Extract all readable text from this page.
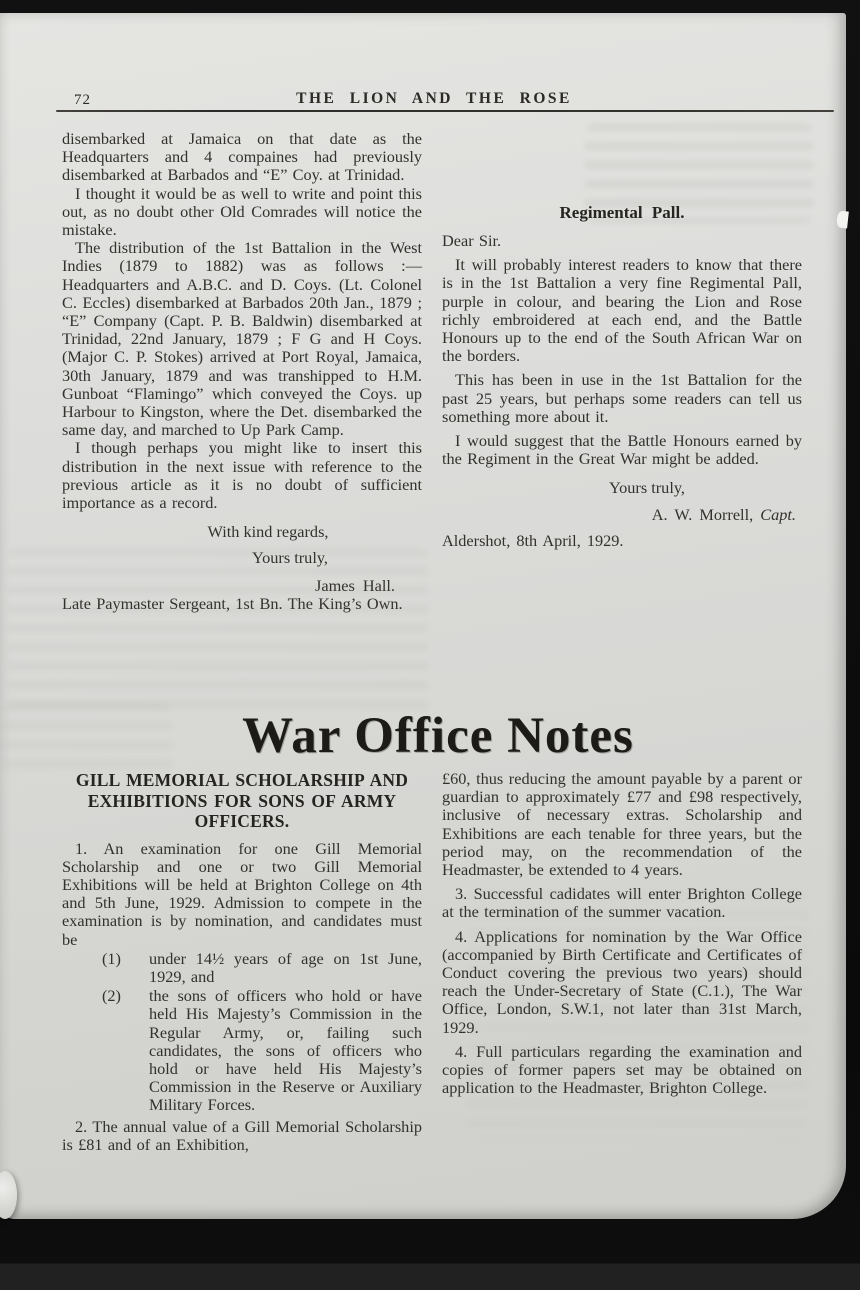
72	THE LION AND THE ROSE

disembarked at Jamaica on that date as the Headquarters and 4 compaines had previously disembarked at Barbados and “E” Coy. at Trinidad.

I thought it would be as well to write and point this out, as no doubt other Old Comrades will notice the mistake.

The distribution of the 1st Battalion in the West Indies (1879 to 1882) was as follows :— Headquarters and A.B.C. and D. Coys. (Lt. Colonel C. Eccles) disembarked at Barbados 20th Jan., 1879 ; “E” Company (Capt. P. B. Baldwin) disembarked at Trinidad, 22nd January, 1879 ; F G and H Coys. (Major C. P. Stokes) arrived at Port Royal, Jamaica, 30th January, 1879 and was transhipped to H.M. Gunboat “Flamingo” which conveyed the Coys. up Harbour to Kingston, where the Det. disembarked the same day, and marched to Up Park Camp.

I though perhaps you might like to insert this distribution in the next issue with reference to the previous article as it is no doubt of sufficient importance as a record.

With kind regards,
Yours truly,
James Hall.

Late Paymaster Sergeant, 1st Bn. The King’s Own.

Regimental Pall.

Dear Sir.

It will probably interest readers to know that there is in the 1st Battalion a very fine Regimental Pall, purple in colour, and bearing the Lion and Rose richly embroidered at each end, and the Battle Honours up to the end of the South African War on the borders.

This has been in use in the 1st Battalion for the past 25 years, but perhaps some readers can tell us something more about it.

I would suggest that the Battle Honours earned by the Regiment in the Great War might be added.

Yours truly,
A. W. Morrell, Capt.
Aldershot, 8th April, 1929.
War Office Notes
GILL MEMORIAL SCHOLARSHIP AND EXHIBITIONS FOR SONS OF ARMY OFFICERS.

1. An examination for one Gill Memorial Scholarship and one or two Gill Memorial Exhibitions will be held at Brighton College on 4th and 5th June, 1929. Admission to compete in the examination is by nomination, and candidates must be

(1)	under 14½ years of age on 1st June, 1929, and

(2)	the sons of officers who hold or have held His Majesty’s Commission in the Regular Army, or, failing such candidates, the sons of officers who hold or have held His Majesty’s Commission in the Reserve or Auxiliary Military Forces.

2. The annual value of a Gill Memorial Scholarship is £81 and of an Exhibition,

£60, thus reducing the amount payable by a parent or guardian to approximately £77 and £98 respectively, inclusive of necessary extras. Scholarship and Exhibitions are each tenable for three years, but the period may, on the recommendation of the Headmaster, be extended to 4 years.

3. Successful cadidates will enter Brighton College at the termination of the summer vacation.

4. Applications for nomination by the War Office (accompanied by Birth Certificate and Certificates of Conduct covering the previous two years) should reach the Under-Secretary of State (C.1.), The War Office, London, S.W.1, not later than 31st March, 1929.

4. Full particulars regarding the examination and copies of former papers set may be obtained on application to the Headmaster, Brighton College.
